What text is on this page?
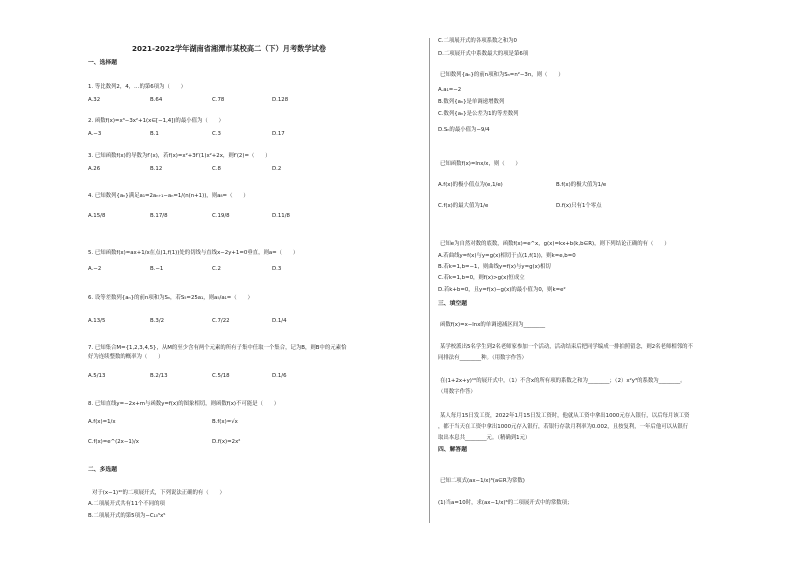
2021-2022学年湖南省湘潭市某校高二（下）月考数学试卷
一、选择题
1. 等比数列2，4，…的第6项为（　　）
A.32	B.64	C.78	D.128
2. 函数f(x)=x³−3x²+1(x∈[−1,4])的最小值为（　　）
A.−3	B.1	C.3	D.17
3. 已知函数f(x)的导数为f′(x)，若f(x)=x²+3f′(1)x²+2x，则f′(2)=（　　）
A.26	B.12	C.8	D.2
4. 已知数列{aₙ}满足a₁=2aₙ₊₁−aₙ=1/(n(n+1))，则a₈=（　　）
A.15/8	B.17/8	C.19/8	D.11/8
5. 已知函数f(x)=ax+1/x在点(1,f(1))处的切线与直线x−2y+1=0垂直，则a=（　　）
A.−2	B.−1	C.2	D.3
6. 设等差数列{aₙ}的前n项和为Sₙ，若S₅=25a₁，则a₅/a₁=（　　）
A.13/5	B.3/2	C.7/22	D.1/4
7. 已知集合M={1,2,3,4,5}，从M的至少含有两个元素的所有子集中任取一个集合，记为B，则B中的元素恰
好为连续整数的概率为（　　）
A.5/13	B.2/13	C.5/18	D.1/6
8. 已知直线y=−2x+m与函数y=f(x)的图象相切，则函数f(x)不可能是（　　）
A.f(x)=1/x	B.f(x)=√x
C.f(x)=e^(2x−1)/x	D.f(x)=2x²
二、多选题
对于(x−1)¹⁰的二项展开式，下列说法正确的有（　　）
A.二项展开式共有11个不同的项
B.二项展开式的第5项为−C₁₀⁵x⁵
C.二项展开式的各项系数之和为0
D.二项展开式中系数最大的项是第6项
已知数列{aₙ}的前n项和为Sₙ=n²−3n，则（　　）
A.a₁=−2
B.数列{aₙ}是单调递增数列
C.数列{aₙ}是公差为1的等差数列
D.Sₙ的最小值为−9/4
已知函数f(x)=lnx/x，则（　　）
A.f(x)的极小值点为(e,1/e)	B.f(x)的极大值为1/e
C.f(x)的最大值为1/e	D.f(x)只有1个零点
已知e为自然对数的底数，函数f(x)=e^x，g(x)=kx+b(k,b∈R)，则下列结论正确的有（　　）
A.若曲线y=f(x)与y=g(x)相切于点(1,f(1))，则k=e,b=0
B.若k=1,b=−1，则曲线y=f(x)与y=g(x)相切
C.若k=1,b=0，则f(x)>g(x)恒成立
D.若k+b=0，且y=f(x)−g(x)的最小值为0，则k=e²
三、填空题
函数f(x)=x−lnx的单调递减区间为________
某学校派出5名学生到2名老师家参加一个活动，活动结束后把同学编成一排拍照留念，则2名老师相邻的不
同排法有________种。（用数字作答）
在(1+2x+y)¹⁰的展开式中，（1）不含x的所有项的系数之和为________；（2）x²y³的系数为________。
（用数字作答）
某人每月15日发工资，2022年1月15日发工资时，他就从工资中拿出1000元存入银行，以后每月该工资
，都于当天在工资中拿出1000元存入银行，若银行存款月利率为0.002，且按复利，一年后他可以从银行
取出本息共________元。（精确到1元）
四、解答题
已知二项式(ax−1/x)⁶(a∈R为常数)
(1)当a=10时，求(ax−1/x)⁶的二项展开式中的常数项；
